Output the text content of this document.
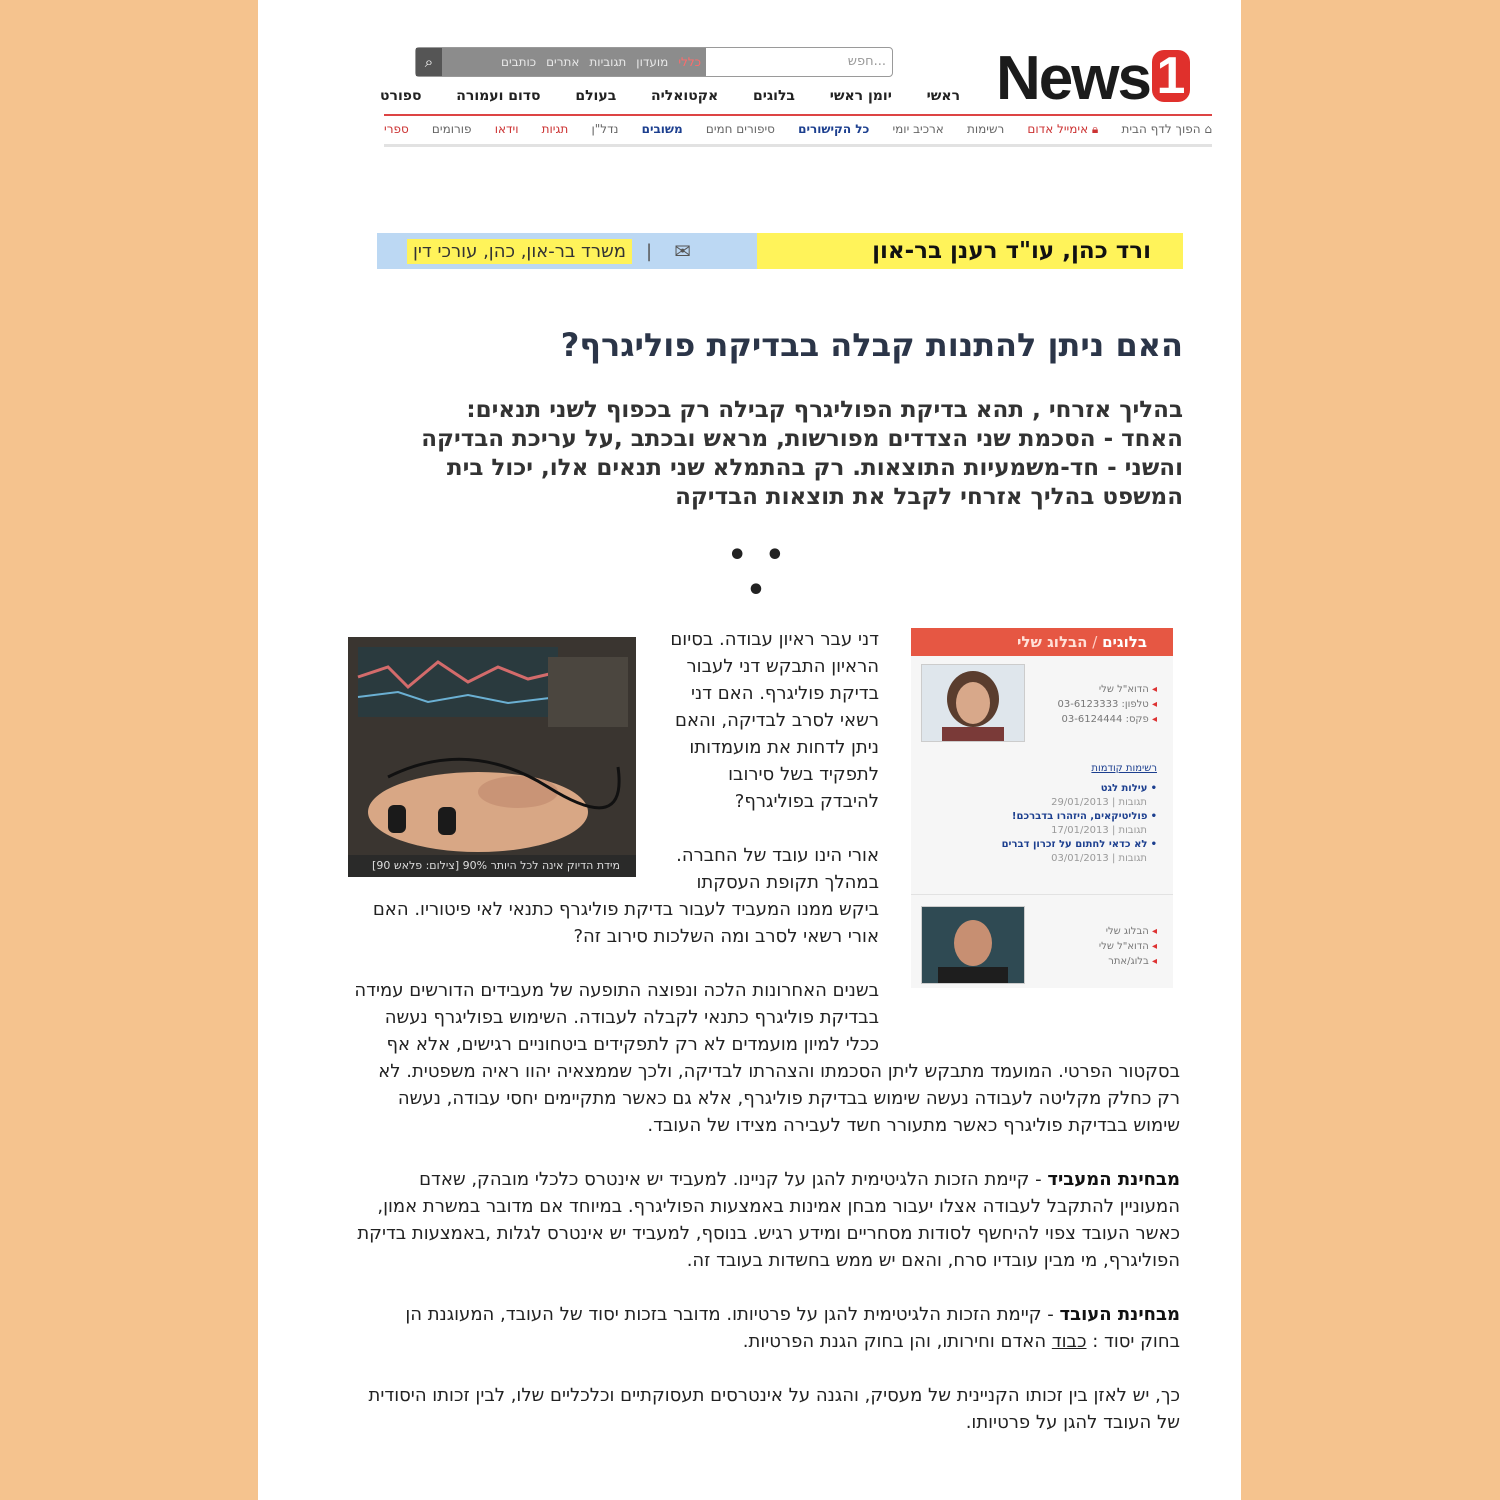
News 1
⌕	כללי
מועדון
תגוביות
אתרים
כותבים	חפש...
ראשי
יומן ראשי
בלוגים
אקטואליה
בעולם
סדום ועמורה
ספורט
⌂ הפוך לדף הבית
🔒︎ אימייל אדום
רשימות
ארכיב יומי
כל הקישורים
סיפורים חמים
משובים
נדל"ן
תגיות
וידאו
פורומים
ספרי
משרד בר-און, כהן, עורכי דין	| ✉	ורד כהן, עו"ד רענן בר-און
האם ניתן להתנות קבלה בבדיקת פוליגרף?
בהליך אזרחי , תהא בדיקת הפוליגרף קבילה רק בכפוף לשני תנאים:
האחד - הסכמת שני הצדדים מפורשות, מראש ובכתב ,על עריכת הבדיקה
והשני - חד-משמעיות התוצאות. רק בהתמלא שני תנאים אלו, יכול בית
המשפט בהליך אזרחי לקבל את תוצאות הבדיקה
• • •
בלוגים / הבלוג שלי
◂ הדוא"ל שלי
◂ טלפון: 03-6123333
◂ פקס: 03-6124444
רשימות קודמות
• עילות לגט
תגובות | 29/01/2013
• פוליטיקאים, היזהרו בדברכם!
תגובות | 17/01/2013
• לא כדאי לחתום על זכרון דברים
תגובות | 03/01/2013
◂ הבלוג שלי
◂ הדוא"ל שלי
◂ בלוג/אתר
מידת הדיוק אינה לכל היותר 90% [צילום: פלאש 90]
דני עבר ראיון עבודה. בסיום
הראיון התבקש דני לעבור
בדיקת פוליגרף. האם דני
רשאי לסרב לבדיקה, והאם
ניתן לדחות את מועמדותו
לתפקיד בשל סירובו
להיבדק בפוליגרף?
אורי הינו עובד של החברה.
במהלך תקופת העסקתו
ביקש ממנו המעביד לעבור בדיקת פוליגרף כתנאי לאי פיטוריו. האם
אורי רשאי לסרב ומה השלכות סירוב זה?
בשנים האחרונות הלכה ונפוצה התופעה של מעבידים הדורשים עמידה
בבדיקת פוליגרף כתנאי לקבלה לעבודה. השימוש בפוליגרף נעשה
ככלי למיון מועמדים לא רק לתפקידים ביטחוניים רגישים, אלא אף
בסקטור הפרטי. המועמד מתבקש ליתן הסכמתו והצהרתו לבדיקה, ולכך שממצאיה יהוו ראיה משפטית. לא
רק כחלק מקליטה לעבודה נעשה שימוש בבדיקת פוליגרף, אלא גם כאשר מתקיימים יחסי עבודה, נעשה
שימוש בבדיקת פוליגרף כאשר מתעורר חשד לעבירה מצידו של העובד.
מבחינת המעביד - קיימת הזכות הלגיטימית להגן על קניינו. למעביד יש אינטרס כלכלי מובהק, שאדם
המעוניין להתקבל לעבודה אצלו יעבור מבחן אמינות באמצעות הפוליגרף. במיוחד אם מדובר במשרת אמון,
כאשר העובד צפוי להיחשף לסודות מסחריים ומידע רגיש. בנוסף, למעביד יש אינטרס לגלות ,באמצעות בדיקת
הפוליגרף, מי מבין עובדיו סרח, והאם יש ממש בחשדות בעובד זה.
מבחינת העובד - קיימת הזכות הלגיטימית להגן על פרטיותו. מדובר בזכות יסוד של העובד, המעוגנת הן
בחוק יסוד : כבוד האדם וחירותו, והן בחוק הגנת הפרטיות.
כך, יש לאזן בין זכותו הקניינית של מעסיק, והגנה על אינטרסים תעסוקתיים וכלכליים שלו, לבין זכותו היסודית
של העובד להגן על פרטיותו.
